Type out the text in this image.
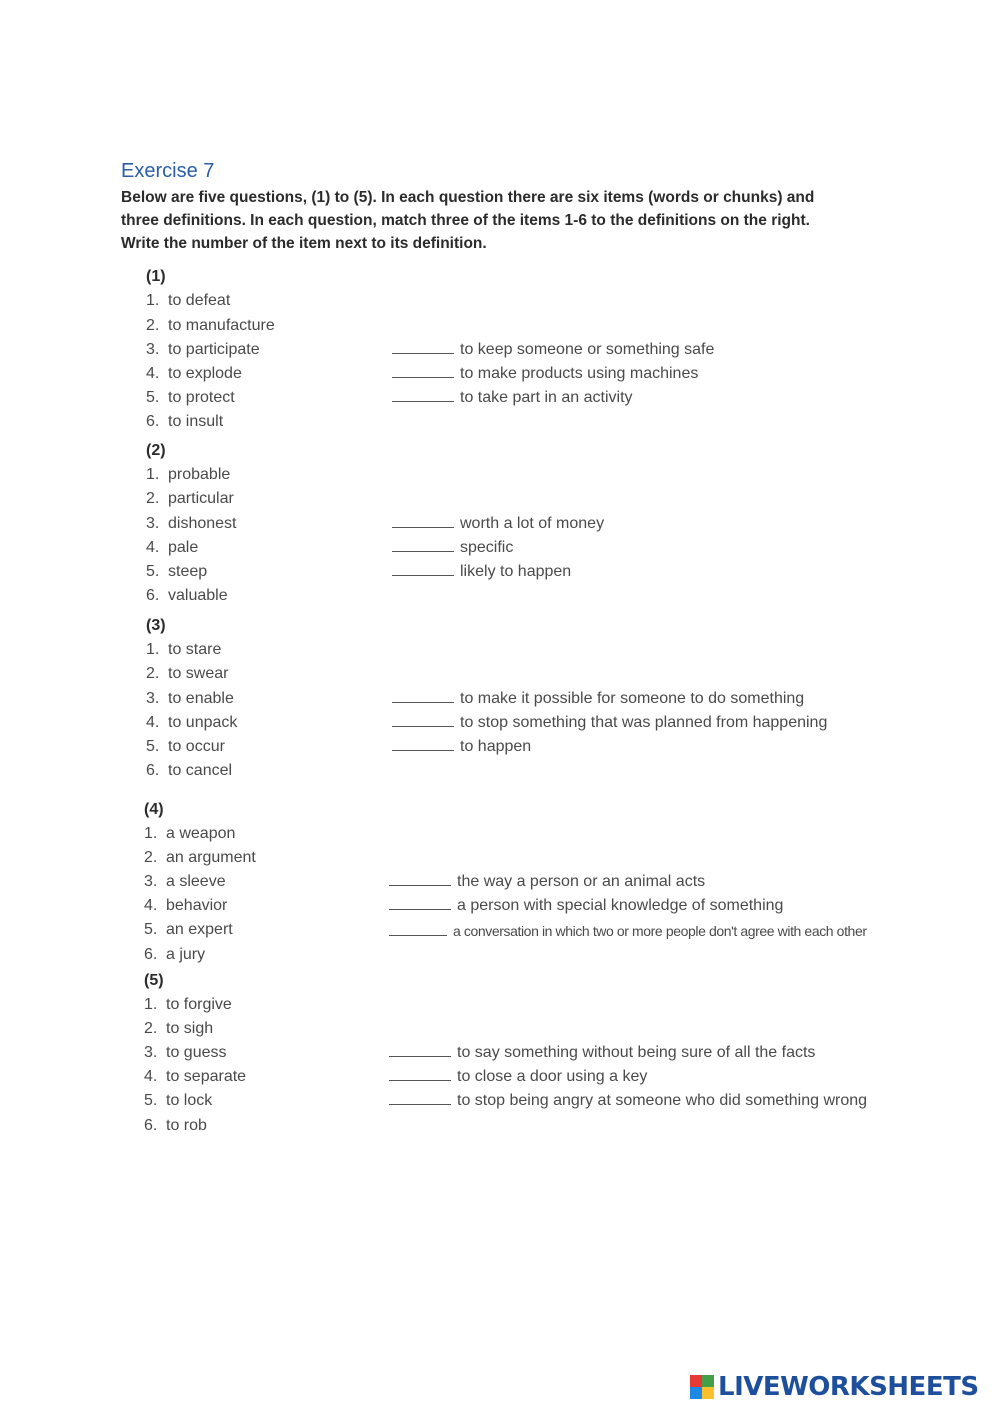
Exercise 7

Below are five questions, (1) to (5). In each question there are six items (words or chunks) and

three definitions. In each question, match three of the items 1-6 to the definitions on the right.

Write the number of the item next to its definition.

(1)
1. to defeat
2. to manufacture
3. to participate
4. to explode
5. to protect
6. to insult
to keep someone or something safe
to make products using machines
to take part in an activity
(2)
1. probable
2. particular
3. dishonest
4. pale
5. steep
6. valuable
worth a lot of money
specific
likely to happen
(3)
1. to stare
2. to swear
3. to enable
4. to unpack
5. to occur
6. to cancel
to make it possible for someone to do something
to stop something that was planned from happening
to happen
(4)
1. a weapon
2. an argument
3. a sleeve
4. behavior
5. an expert
6. a jury
the way a person or an animal acts
a person with special knowledge of something
a conversation in which two or more people don't agree with each other
(5)
1. to forgive
2. to sigh
3. to guess
4. to separate
5. to lock
6. to rob
to say something without being sure of all the facts
to close a door using a key
to stop being angry at someone who did something wrong
LIVEWORKSHEETS
